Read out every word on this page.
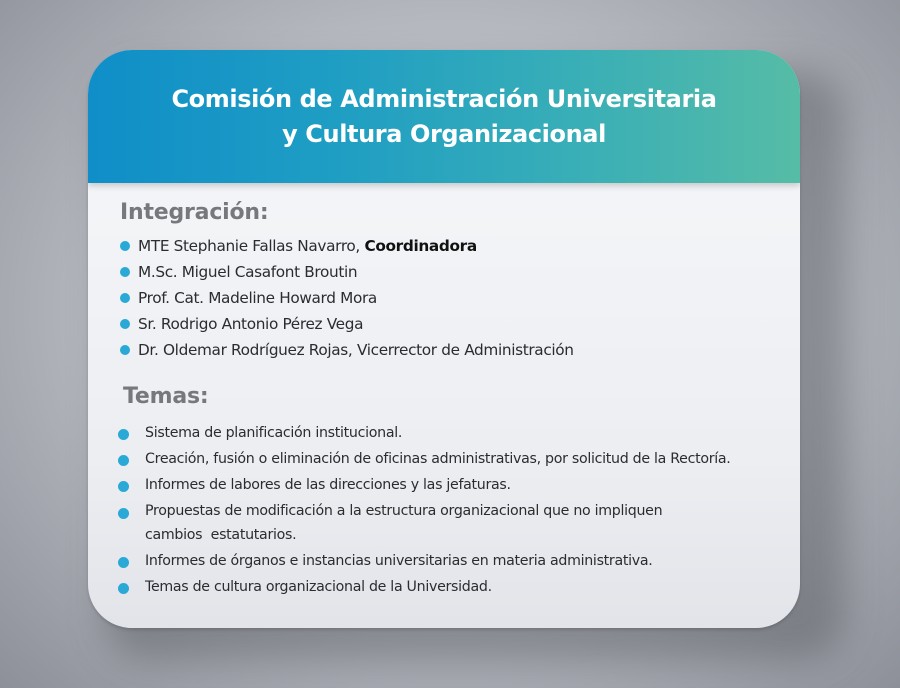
Comisión de Administración Universitaria
y Cultura Organizacional
Integración:
MTE Stephanie Fallas Navarro, Coordinadora
M.Sc. Miguel Casafont Broutin
Prof. Cat. Madeline Howard Mora
Sr. Rodrigo Antonio Pérez Vega
Dr. Oldemar Rodríguez Rojas, Vicerrector de Administración
Temas:
Sistema de planificación institucional.
Creación, fusión o eliminación de oficinas administrativas, por solicitud de la Rectoría.
Informes de labores de las direcciones y las jefaturas.
Propuestas de modificación a la estructura organizacional que no impliquen
cambios  estatutarios.
Informes de órganos e instancias universitarias en materia administrativa.
Temas de cultura organizacional de la Universidad.
